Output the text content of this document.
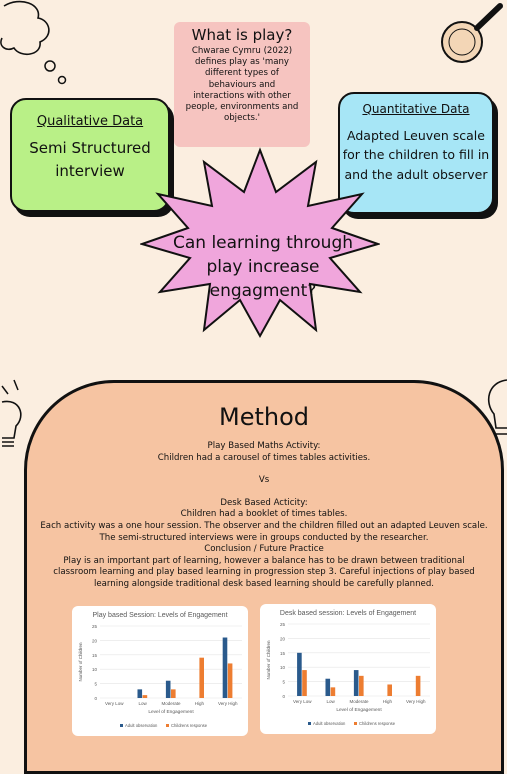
What is play?
Chwarae Cymru (2022) defines play as 'many different types of behaviours and interactions with other people, environments and objects.'
Qualitative Data
Semi Structured interview
Quantitative Data
Adapted Leuven scale for the children to fill in and the adult observer
Can learning through play increase engagment?
Method
Play Based Maths Activity:
Children had a carousel of times tables activities.
Vs
Desk Based Acticity:
Children had a booklet of times tables.
Each activity was a one hour session. The observer and the children filled out an adapted Leuven scale.
The semi-structured interviews were in groups conducted by the researcher.
Conclusion / Future Practice
Play is an important part of learning, however a balance has to be drawn between traditional classroom learning and play based learning in progression step 3. Careful injections of play based learning alongside traditional desk based learning should be carefully planned.
Play based Session: Levels of Engagement
0
5
10
15
20
25
Number of Children
Very Low	Low	Moderate	High	Very High
Level of Engagement
Adult observation	Childrens response
Desk based session: Levels of Engagement
0
5
10
15
20
25
Number of Children
Very Low	Low	Moderate	High	Very High
Level of Engagement
Adult observation	Childrens response
